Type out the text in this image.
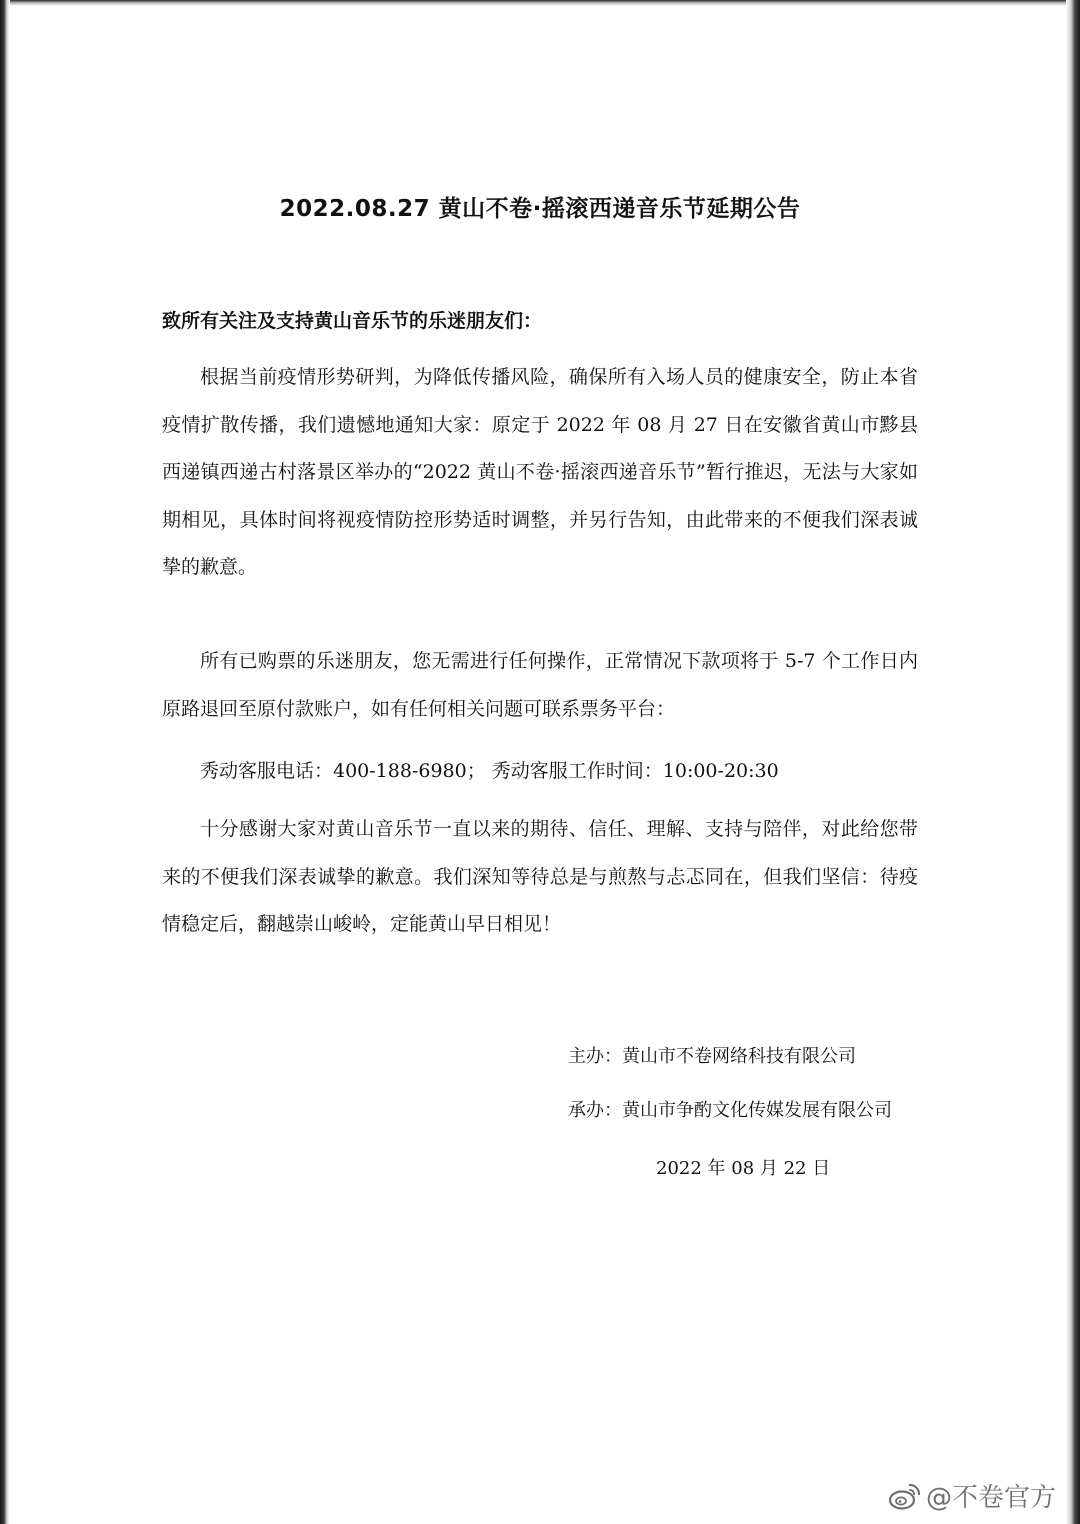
2022.08.27 黄山不卷·摇滚西递音乐节延期公告
致所有关注及支持黄山音乐节的乐迷朋友们：

根据当前疫情形势研判，为降低传播风险，确保所有入场人员的健康安全，防止本省疫情扩散传播，我们遗憾地通知大家：原定于 2022 年 08 月 27 日在安徽省黄山市黟县西递镇西递古村落景区举办的“2022 黄山不卷·摇滚西递音乐节”暂行推迟，无法与大家如期相见，具体时间将视疫情防控形势适时调整，并另行告知，由此带来的不便我们深表诚挚的歉意。

所有已购票的乐迷朋友，您无需进行任何操作，正常情况下款项将于 5-7 个工作日内原路退回至原付款账户，如有任何相关问题可联系票务平台：

秀动客服电话：400-188-6980； 秀动客服工作时间：10:00-20:30

十分感谢大家对黄山音乐节一直以来的期待、信任、理解、支持与陪伴，对此给您带来的不便我们深表诚挚的歉意。我们深知等待总是与煎熬与忐忑同在，但我们坚信：待疫情稳定后，翻越崇山峻岭，定能黄山早日相见！

主办：黄山市不卷网络科技有限公司
承办：黄山市争酌文化传媒发展有限公司
2022 年 08 月 22 日
@不卷官方
